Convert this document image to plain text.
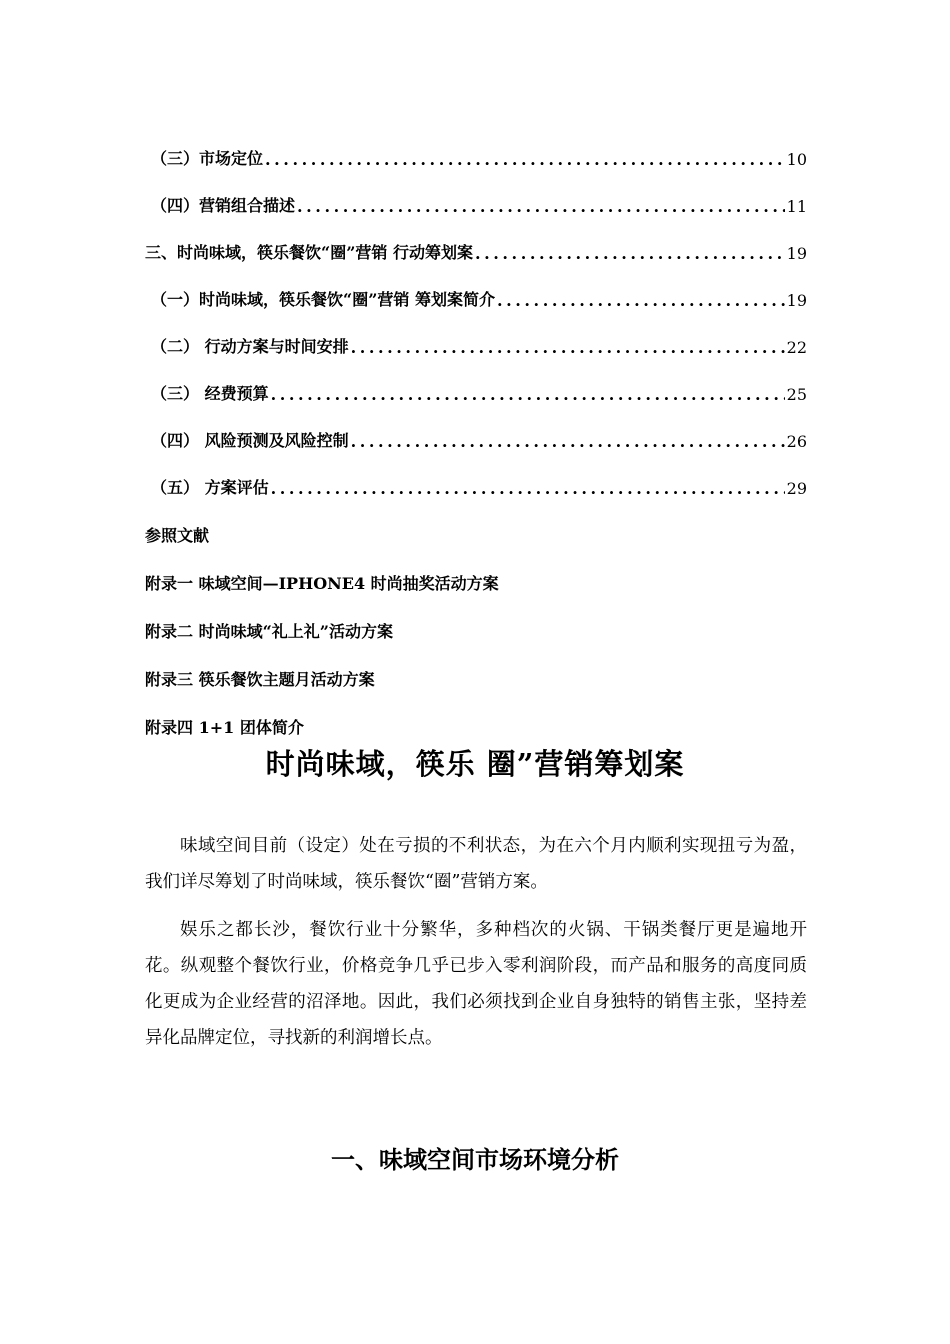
（三）市场定位 . . .	10
（四）营销组合描述 . . .	11
三、时尚味域，筷乐餐饮“圈”营销 行动筹划案 . . .	19
（一）时尚味域，筷乐餐饮“圈”营销 筹划案简介 . . .	19
（二） 行动方案与时间安排 . . .	22
（三） 经费预算 . . .	25
（四） 风险预测及风险控制 . . .	26
（五） 方案评估 . . .	29
参照文献
附录一 味域空间—IPHONE4 时尚抽奖活动方案
附录二 时尚味域“礼上礼”活动方案
附录三 筷乐餐饮主题月活动方案
附录四 1+1 团体简介
时尚味域，筷乐 圈”营销筹划案

味域空间目前（设定）处在亏损的不利状态，为在六个月内顺利实现扭亏为盈，我们详尽筹划了时尚味域，筷乐餐饮“圈”营销方案。

娱乐之都长沙，餐饮行业十分繁华，多种档次的火锅、干锅类餐厅更是遍地开花。纵观整个餐饮行业，价格竞争几乎已步入零利润阶段，而产品和服务的高度同质化更成为企业经营的沼泽地。因此，我们必须找到企业自身独特的销售主张，坚持差异化品牌定位，寻找新的利润增长点。

一、味域空间市场环境分析
